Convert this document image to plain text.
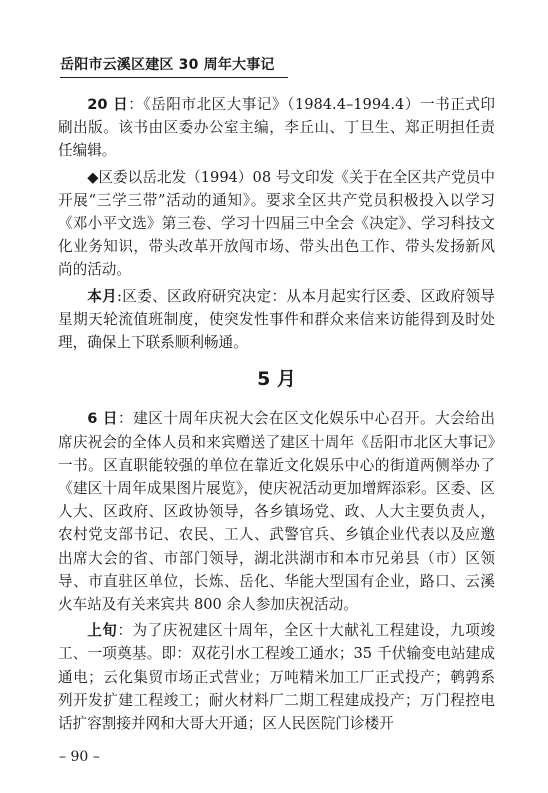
岳阳市云溪区建区 30 周年大事记

20 日：《岳阳市北区大事记》（1984.4–1994.4）一书正式印刷出版。该书由区委办公室主编，李丘山、丁旦生、郑正明担任责任编辑。

◆区委以岳北发（1994）08 号文印发《关于在全区共产党员中开展“三学三带”活动的通知》。要求全区共产党员积极投入以学习《邓小平文选》第三卷、学习十四届三中全会《决定》、学习科技文化业务知识，带头改革开放闯市场、带头出色工作、带头发扬新风尚的活动。

本月:区委、区政府研究决定：从本月起实行区委、区政府领导星期天轮流值班制度，使突发性事件和群众来信来访能得到及时处理，确保上下联系顺利畅通。

5 月

6 日：建区十周年庆祝大会在区文化娱乐中心召开。大会给出席庆祝会的全体人员和来宾赠送了建区十周年《岳阳市北区大事记》一书。区直职能较强的单位在靠近文化娱乐中心的街道两侧举办了《建区十周年成果图片展览》，使庆祝活动更加增辉添彩。区委、区人大、区政府、区政协领导，各乡镇场党、政、人大主要负责人，农村党支部书记、农民、工人、武警官兵、乡镇企业代表以及应邀出席大会的省、市部门领导，湖北洪湖市和本市兄弟县（市）区领导、市直驻区单位，长炼、岳化、华能大型国有企业，路口、云溪火车站及有关来宾共 800 余人参加庆祝活动。

上旬：为了庆祝建区十周年，全区十大献礼工程建设，九项竣工、一项奠基。即：双花引水工程竣工通水；35 千伏输变电站建成通电；云化集贸市场正式营业；万吨精米加工厂正式投产；鹌鹑系列开发扩建工程竣工；耐火材料厂二期工程建成投产；万门程控电话扩容割接并网和大哥大开通；区人民医院门诊楼开

– 90 –
